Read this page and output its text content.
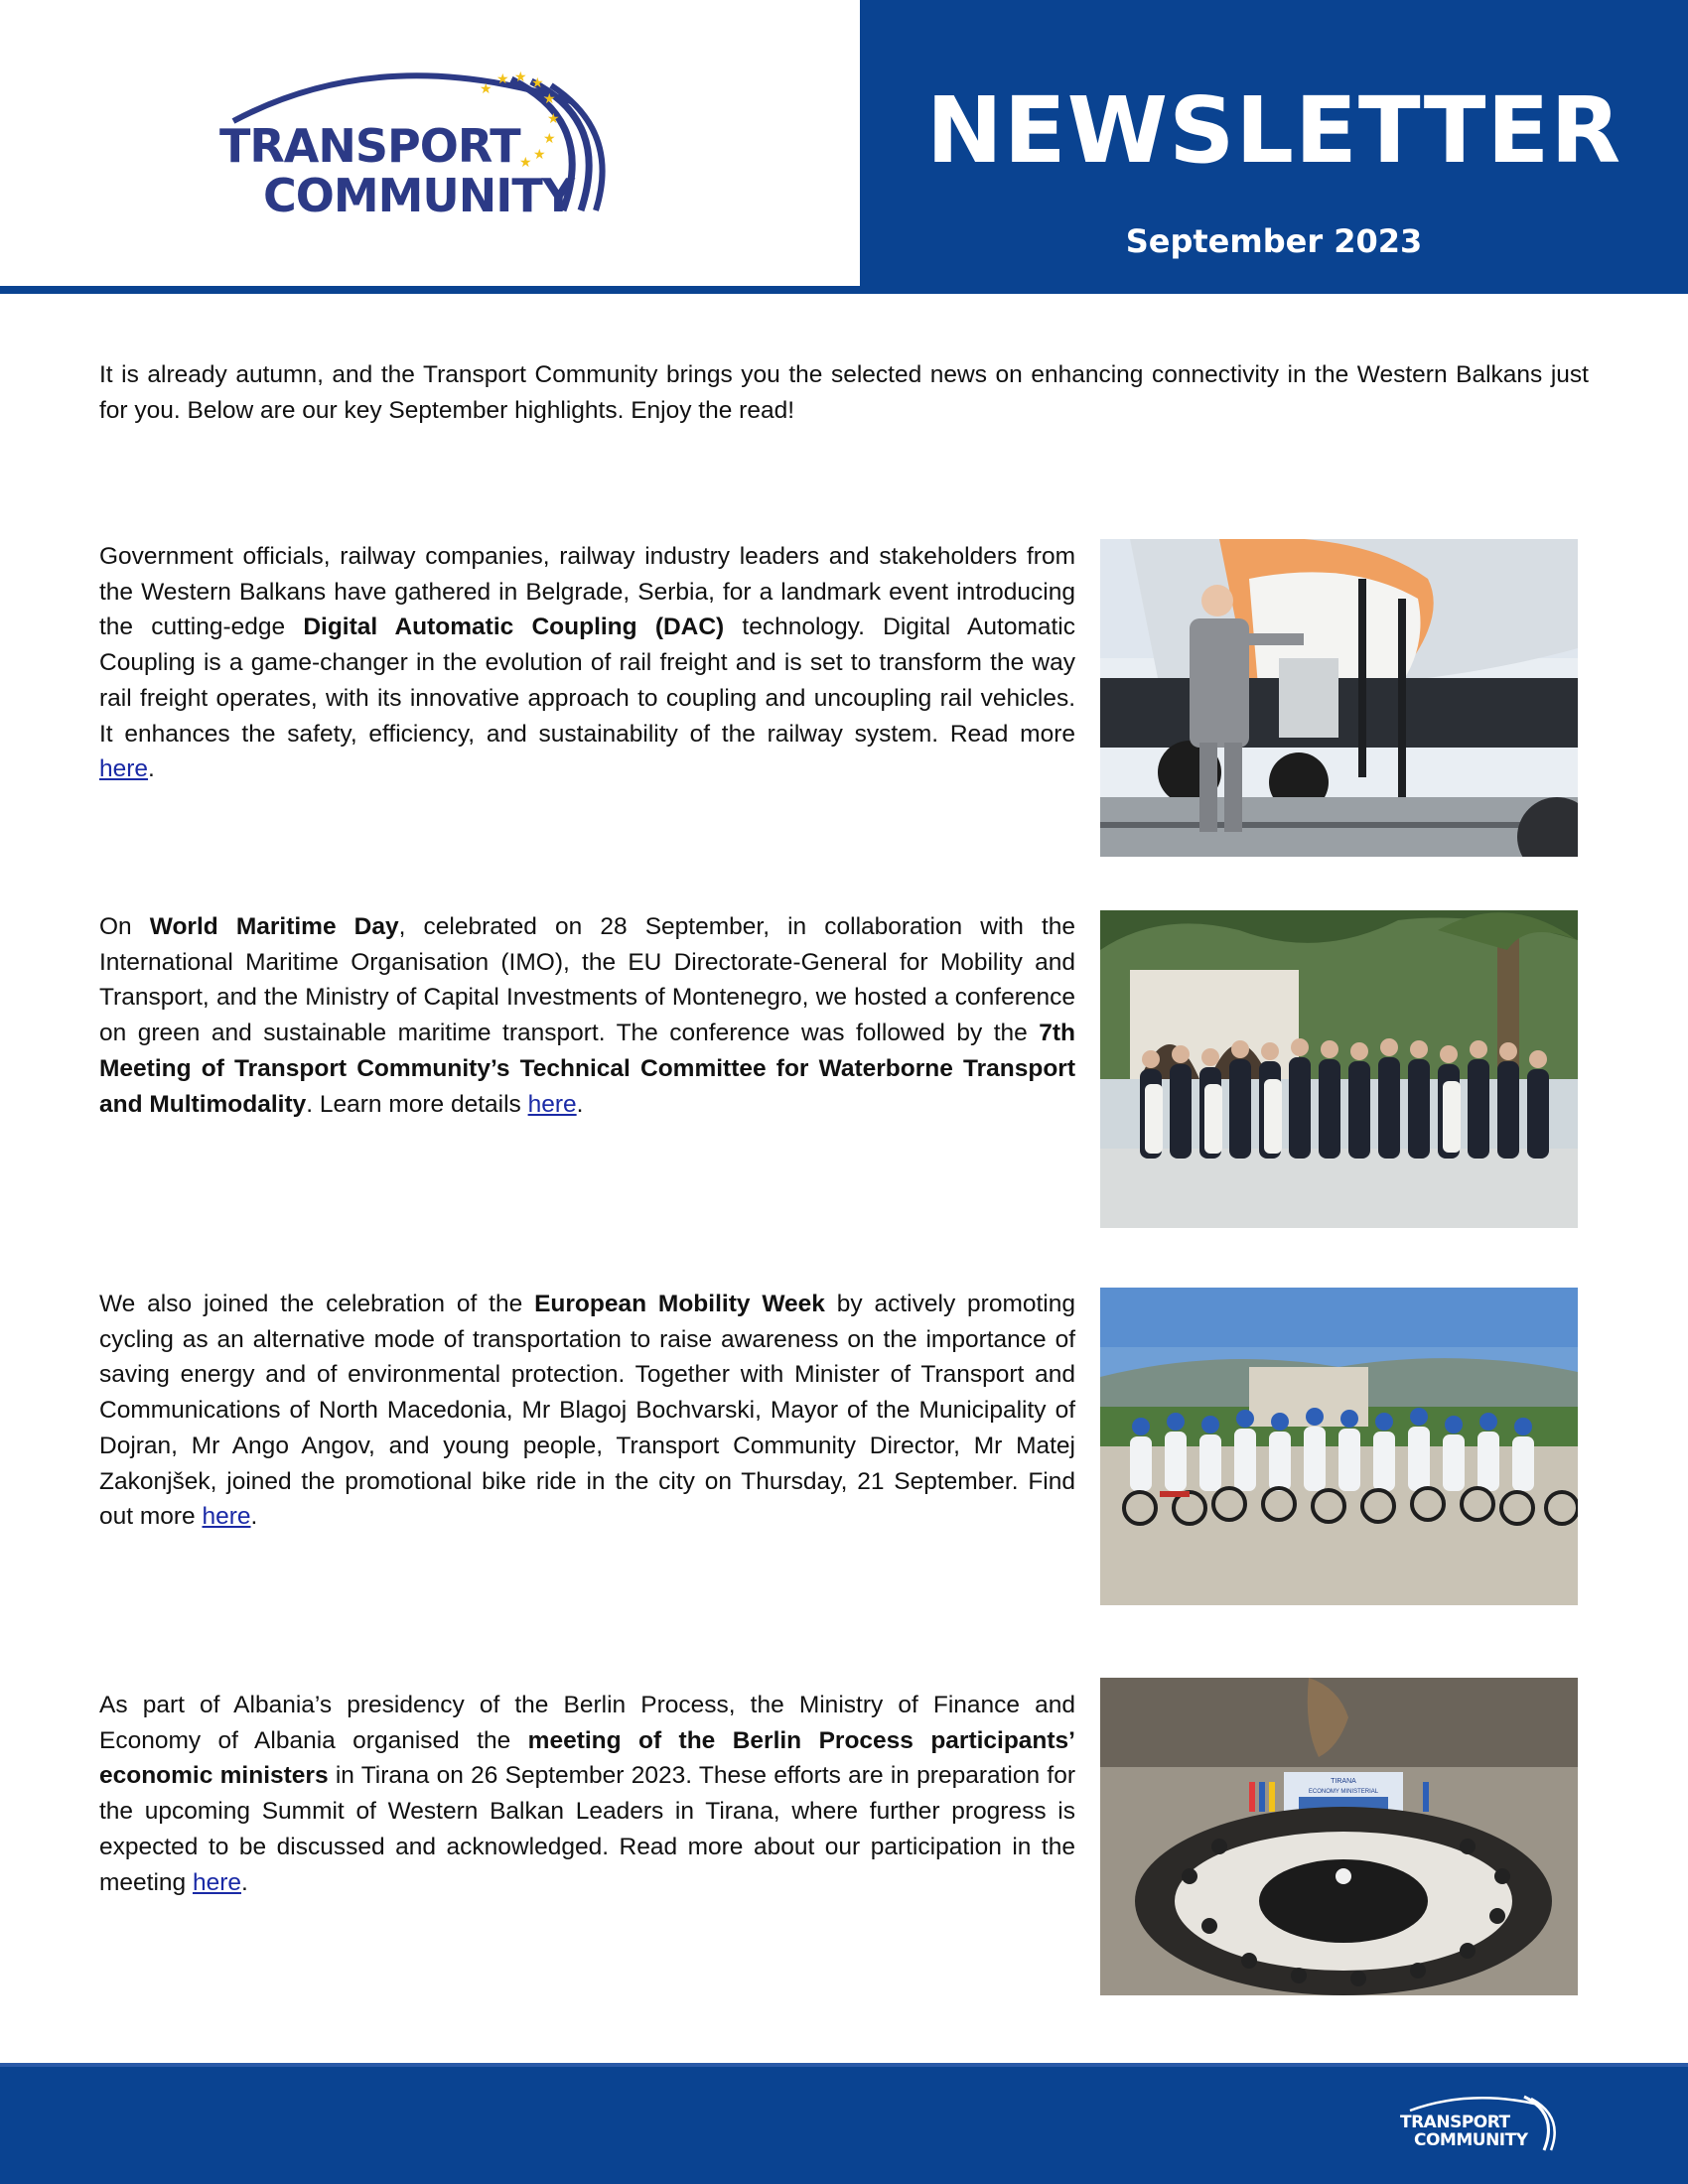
★
★ ★ ★
★
★
★
★
★
TRANSPORT
COMMUNITY
NEWSLETTER
September 2023

It is already autumn, and the Transport Community brings you the selected news on enhancing connectivity in the Western Balkans just for you. Below are our key September highlights. Enjoy the read!

Government officials, railway companies, railway industry leaders and stakeholders from the Western Balkans have gathered in Belgrade, Serbia, for a landmark event introducing the cutting-edge Digital Automatic Coupling (DAC) technology. Digital Automatic Coupling is a game-changer in the evolution of rail freight and is set to transform the way rail freight operates, with its innovative approach to coupling and uncoupling rail vehicles. It enhances the safety, efficiency, and sustainability of the railway system. Read more here.

On World Maritime Day, celebrated on 28 September, in collaboration with the International Maritime Organisation (IMO), the EU Directorate-General for Mobility and Transport, and the Ministry of Capital Investments of Montenegro, we hosted a conference on green and sustainable maritime transport. The conference was followed by the 7th Meeting of Transport Community’s Technical Committee for Waterborne Transport and Multimodality. Learn more details here.

We also joined the celebration of the European Mobility Week by actively promoting cycling as an alternative mode of transportation to raise awareness on the importance of saving energy and of environmental protection. Together with Minister of Transport and Communications of North Macedonia, Mr Blagoj Bochvarski, Mayor of the Municipality of Dojran, Mr Ango Angov, and young people, Transport Community Director, Mr Matej Zakonjšek, joined the promotional bike ride in the city on Thursday, 21 September. Find out more here.

As part of Albania’s presidency of the Berlin Process, the Ministry of Finance and Economy of Albania organised the meeting of the Berlin Process participants’ economic ministers in Tirana on 26 September 2023. These efforts are in preparation for the upcoming Summit of Western Balkan Leaders in Tirana, where further progress is expected to be discussed and acknowledged. Read more about our participation in the meeting here.

TIRANA
ECONOMY MINISTERIAL
TRANSPORT
COMMUNITY
